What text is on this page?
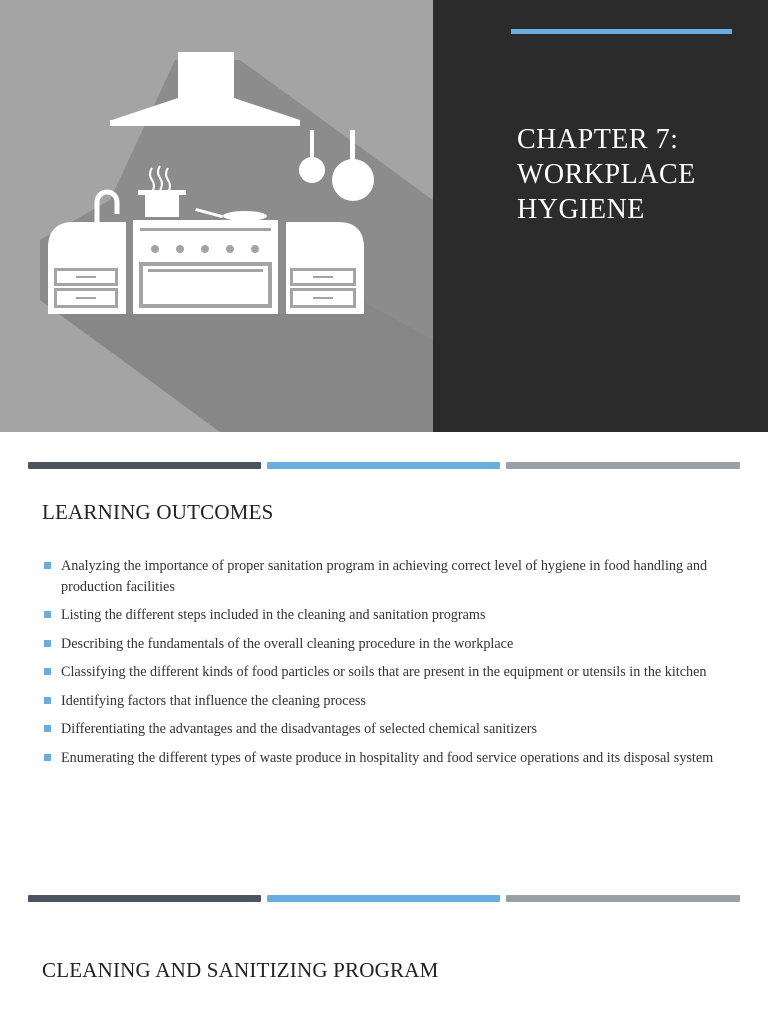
CHAPTER 7:
WORKPLACE
HYGIENE
LEARNING OUTCOMES
Analyzing the importance of proper sanitation program in achieving correct level of hygiene in food handling and production facilities
Listing the different steps included in the cleaning and sanitation programs
Describing the fundamentals of the overall cleaning procedure in the workplace
Classifying the different kinds of food particles or soils that are present in the equipment or utensils in the kitchen
Identifying factors that influence the cleaning process
Differentiating the advantages and the disadvantages of selected chemical sanitizers
Enumerating the different types of waste produce in hospitality and food service operations and its disposal system
CLEANING AND SANITIZING PROGRAM
